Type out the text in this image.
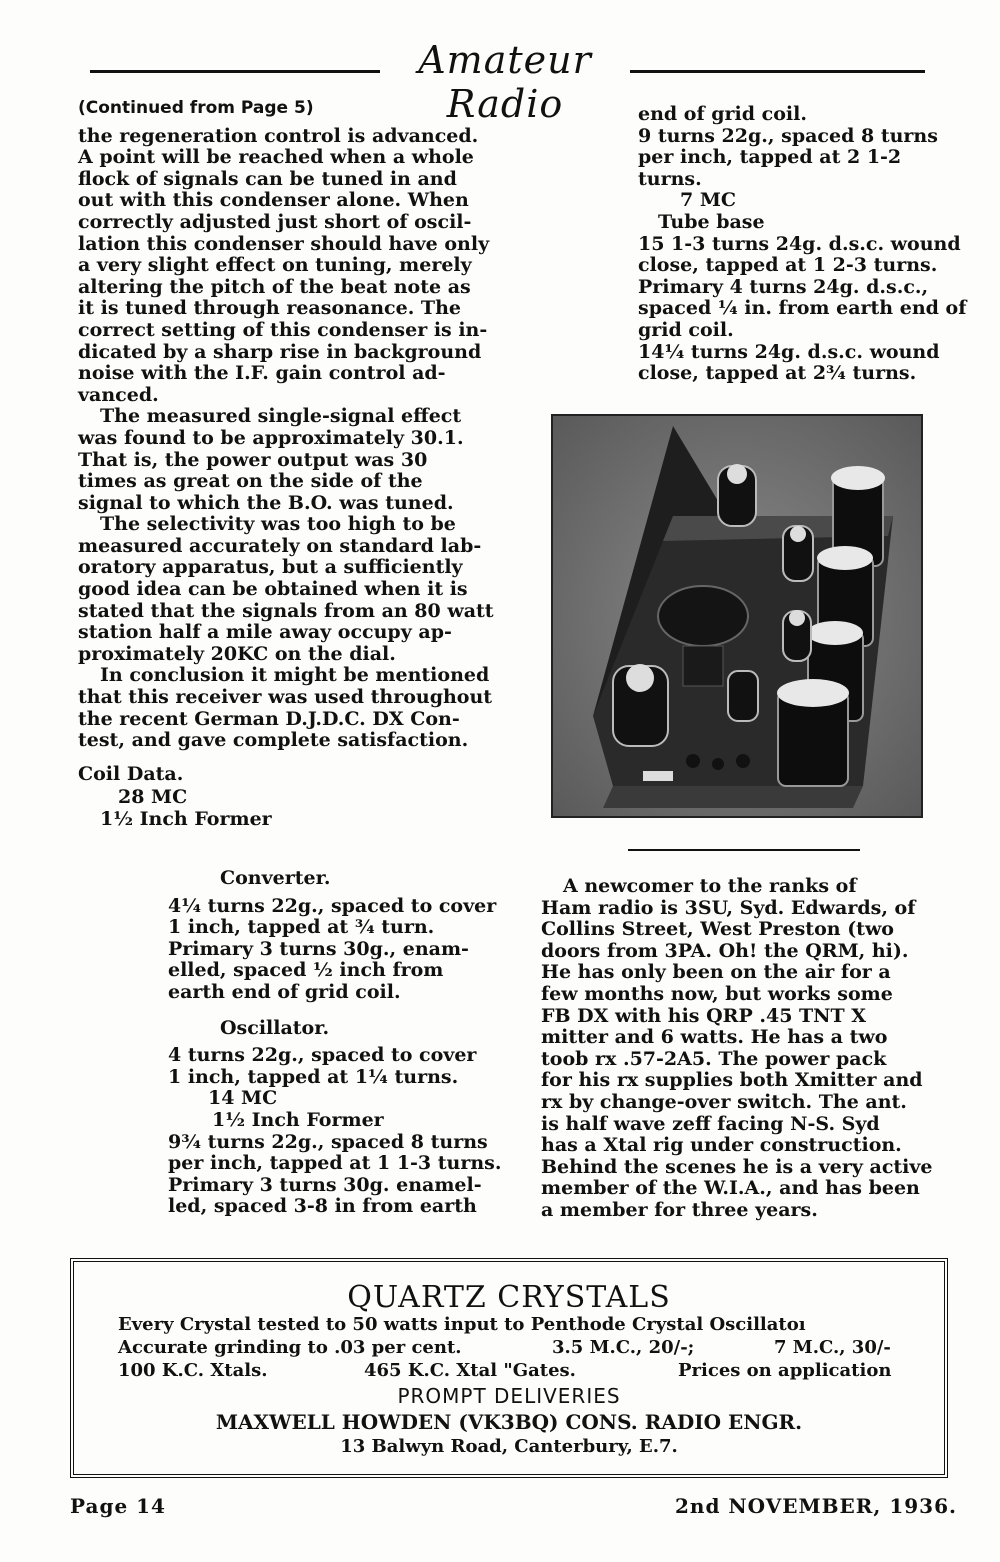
Amateur Radio

(Continued from Page 5)

the regeneration control is advanced.

A point will be reached when a whole

flock of signals can be tuned in and

out with this condenser alone. When

correctly adjusted just short of oscil-

lation this condenser should have only

a very slight effect on tuning, merely

altering the pitch of the beat note as

it is tuned through reasonance. The

correct setting of this condenser is in-

dicated by a sharp rise in background

noise with the I.F. gain control ad-

vanced.

The measured single-signal effect

was found to be approximately 30.1.

That is, the power output was 30

times as great on the side of the

signal to which the B.O. was tuned.

The selectivity was too high to be

measured accurately on standard lab-

oratory apparatus, but a sufficiently

good idea can be obtained when it is

stated that the signals from an 80 watt

station half a mile away occupy ap-

proximately 20KC on the dial.

In conclusion it might be mentioned

that this receiver was used throughout

the recent German D.J.D.C. DX Con-

test, and gave complete satisfaction.

Coil Data.

28 MC

1½ Inch Former

Converter.

4¼ turns 22g., spaced to cover

1 inch, tapped at ¾ turn.

Primary 3 turns 30g., enam-

elled, spaced ½ inch from

earth end of grid coil.

Oscillator.

4 turns 22g., spaced to cover

1 inch, tapped at 1¼ turns.

14 MC

1½ Inch Former

9¾ turns 22g., spaced 8 turns

per inch, tapped at 1 1-3 turns.

Primary 3 turns 30g. enamel-

led, spaced 3-8 in from earth

end of grid coil.

9 turns 22g., spaced 8 turns

per inch, tapped at 2 1-2

turns.

7 MC

Tube base

15 1-3 turns 24g. d.s.c. wound

close, tapped at 1 2-3 turns.

Primary 4 turns 24g. d.s.c.,

spaced ¼ in. from earth end of

grid coil.

14¼ turns 24g. d.s.c. wound

close, tapped at 2¾ turns.

A newcomer to the ranks of

Ham radio is 3SU, Syd. Edwards, of

Collins Street, West Preston (two

doors from 3PA. Oh! the QRM, hi).

He has only been on the air for a

few months now, but works some

FB DX with his QRP .45 TNT X

mitter and 6 watts. He has a two

toob rx .57-2A5. The power pack

for his rx supplies both Xmitter and

rx by change-over switch. The ant.

is half wave zeff facing N-S. Syd

has a Xtal rig under construction.

Behind the scenes he is a very active

member of the W.I.A., and has been

a member for three years.

QUARTZ CRYSTALS
Every Crystal tested to 50 watts input to Penthode Crystal Oscillatoı
Accurate grinding to .03 per cent.	3.5 M.C., 20/-;	7 M.C., 30/-
100 K.C. Xtals.	465 K.C. Xtal "Gates.	Prices on application
PROMPT DELIVERIES
MAXWELL HOWDEN (VK3BQ) CONS. RADIO ENGR.
13 Balwyn Road, Canterbury, E.7.
Page 14	2nd NOVEMBER, 1936.
